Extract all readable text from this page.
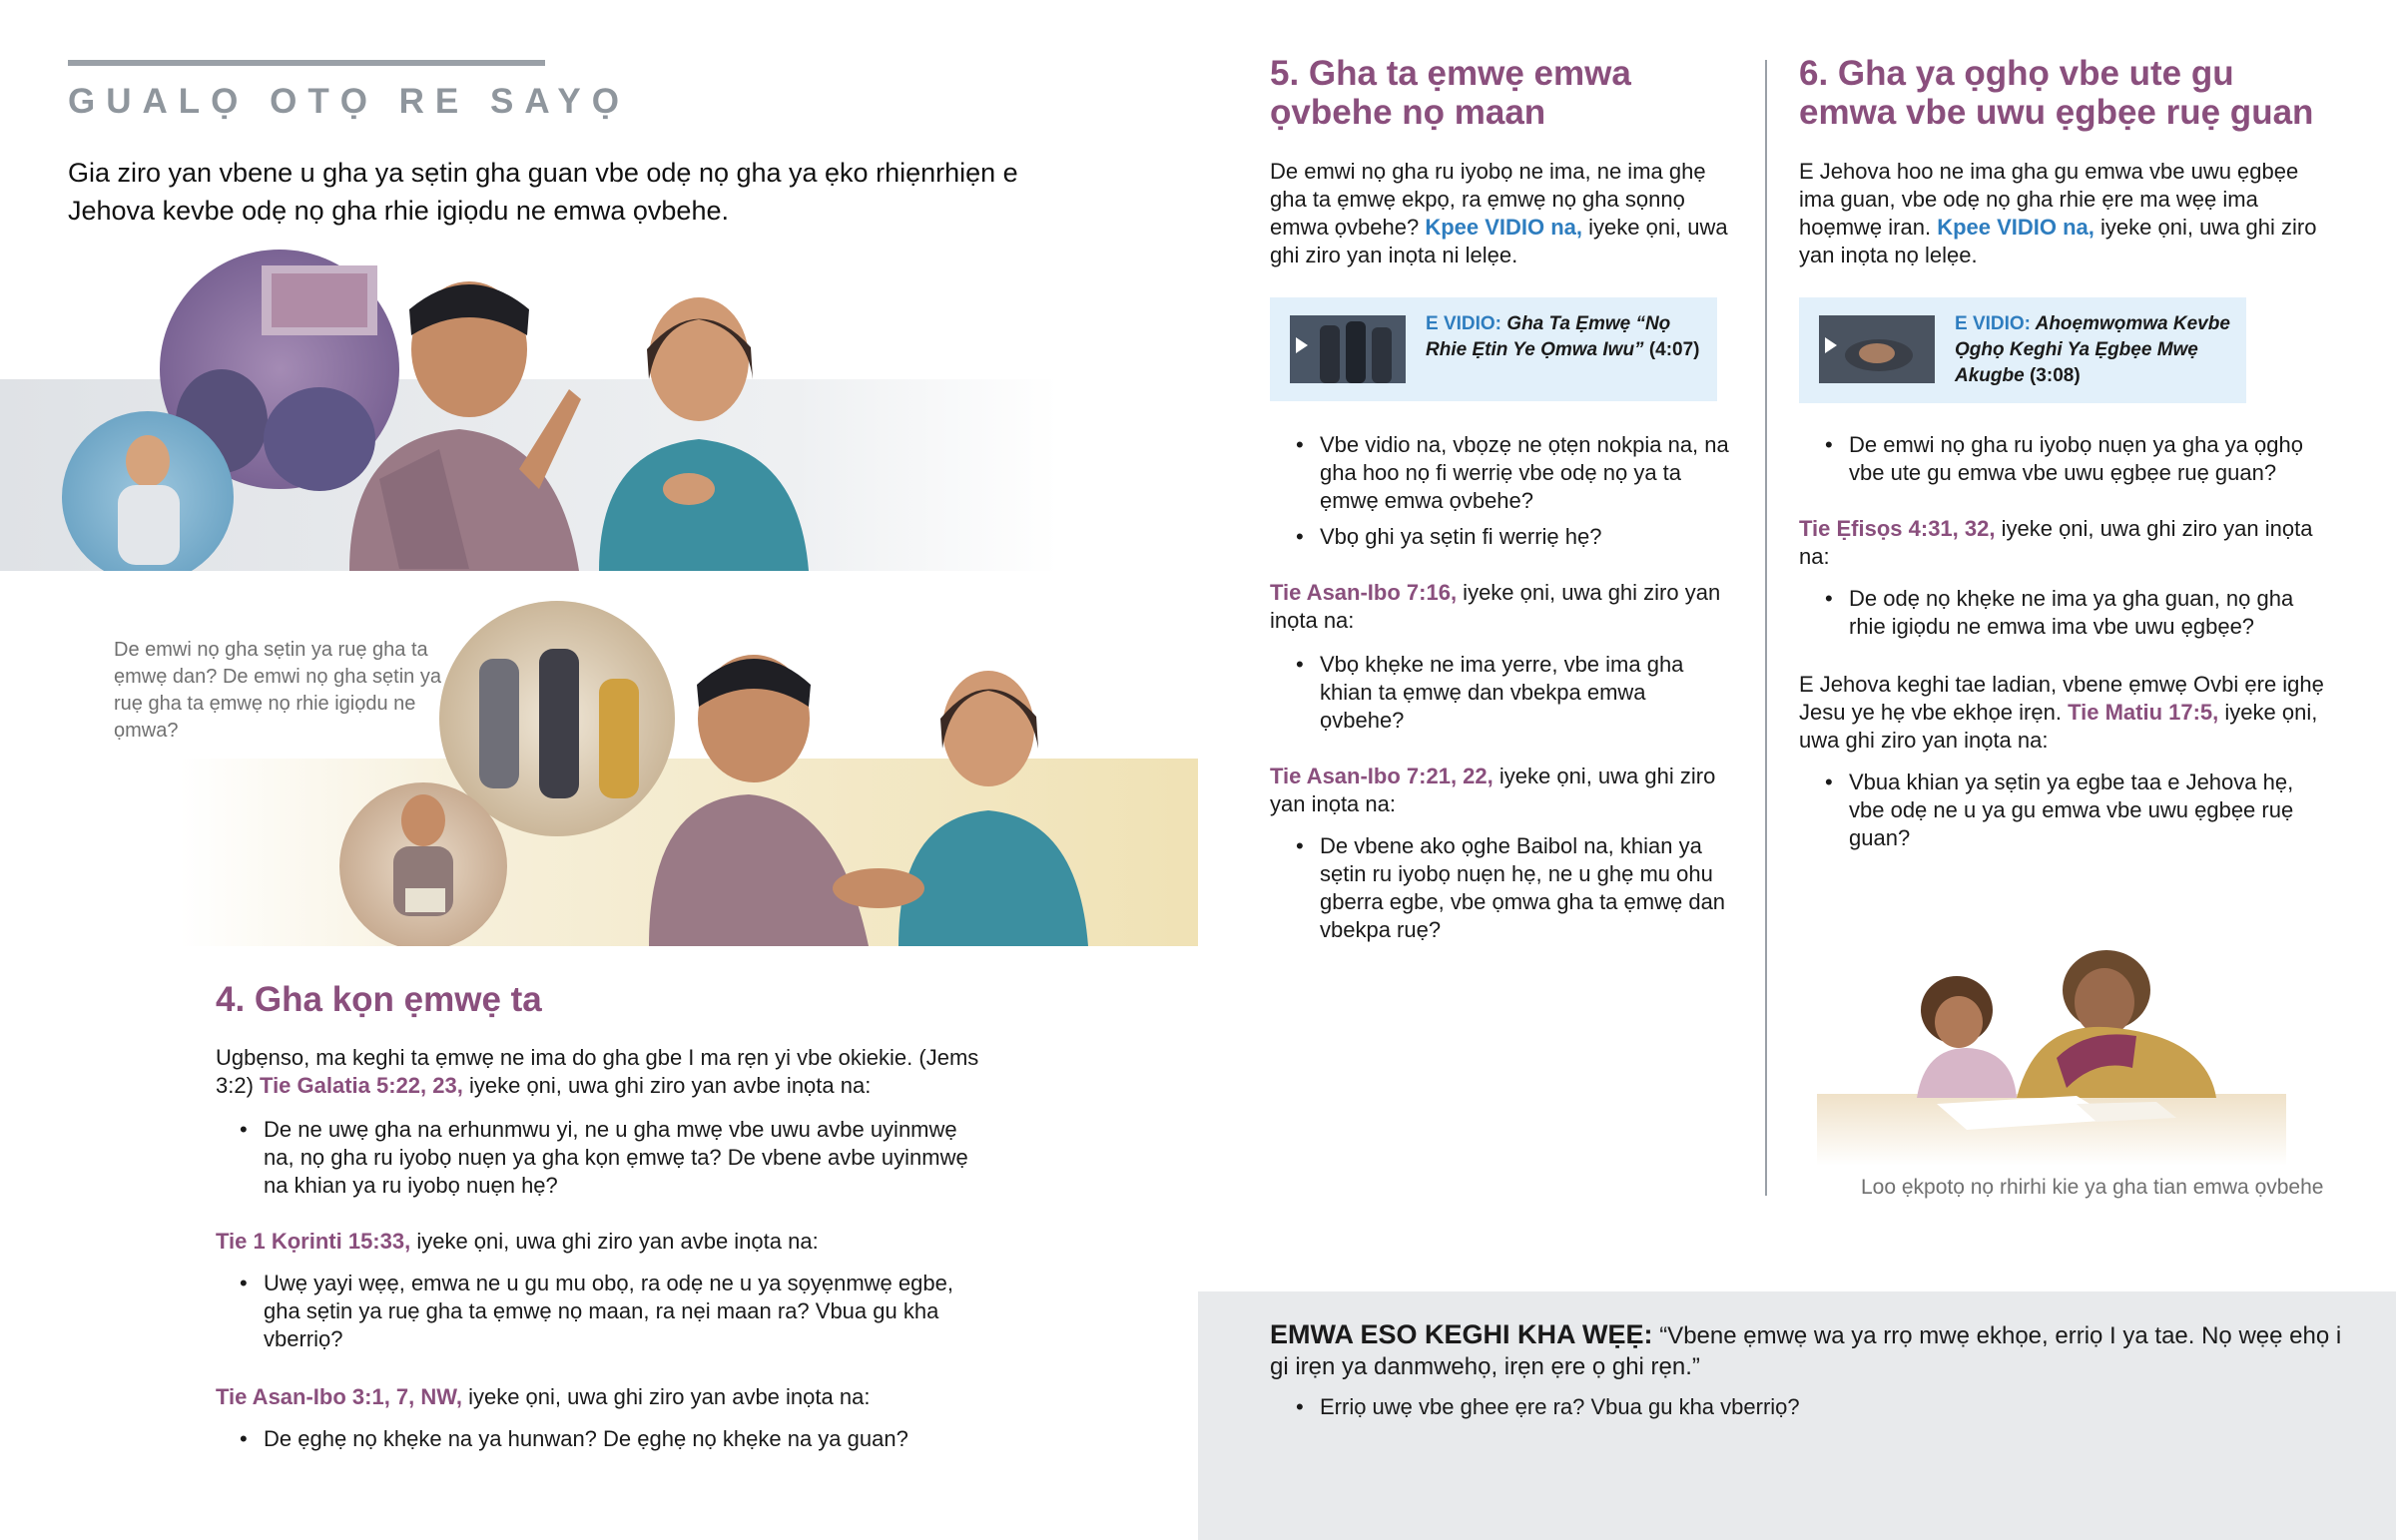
GUALỌ OTỌ RE SAYỌ
Gia ziro yan vbene u gha ya sẹtin gha guan vbe odẹ nọ gha ya ẹko rhiẹnrhiẹn e Jehova kevbe odẹ nọ gha rhie igiọdu ne emwa ọvbehe.
De emwi nọ gha sẹtin ya ruẹ gha ta ẹmwẹ dan? De emwi nọ gha sẹtin ya ruẹ gha ta ẹmwẹ nọ rhie igiọdu ne ọmwa?
4. Gha kọn ẹmwẹ ta
Ugbẹnso, ma keghi ta ẹmwẹ ne ima do gha gbe I ma rẹn yi vbe okiekie. (Jems 3:2) Tie Galatia 5:22, 23, iyeke ọni, uwa ghi ziro yan avbe inọta na:
• De ne uwẹ gha na erhunmwu yi, ne u gha mwẹ vbe uwu avbe uyinmwẹ na, nọ gha ru iyobọ nuẹn ya gha kọn ẹmwẹ ta? De vbene avbe uyinmwẹ na khian ya ru iyobọ nuẹn hẹ?
Tie 1 Kọrinti 15:33, iyeke ọni, uwa ghi ziro yan avbe inọta na:
• Uwẹ yayi wẹẹ, emwa ne u gu mu obọ, ra odẹ ne u ya sọyẹnmwẹ egbe, gha sẹtin ya ruẹ gha ta ẹmwẹ nọ maan, ra nẹi maan ra? Vbua gu kha vberriọ?
Tie Asan-Ibo 3:1, 7, NW, iyeke ọni, uwa ghi ziro yan avbe inọta na:
• De ẹghẹ nọ khẹke na ya hunwan? De ẹghẹ nọ khẹke na ya guan?
5. Gha ta ẹmwẹ emwa ọvbehe nọ maan
De emwi nọ gha ru iyobọ ne ima, ne ima ghẹ gha ta ẹmwẹ ekpọ, ra ẹmwẹ nọ gha sọnnọ emwa ọvbehe? Kpee VIDIO na, iyeke ọni, uwa ghi ziro yan inọta ni lelẹe.
E VIDIO: Gha Ta Ẹmwẹ “Nọ Rhie Ẹtin Ye Ọmwa Iwu” (4:07)
• Vbe vidio na, vbọzẹ ne ọtẹn nokpia na, na gha hoo nọ fi werriẹ vbe odẹ nọ ya ta ẹmwẹ emwa ọvbehe?
• Vbọ ghi ya sẹtin fi werriẹ hẹ?
Tie Asan-Ibo 7:16, iyeke ọni, uwa ghi ziro yan inọta na:
• Vbọ khẹke ne ima yerre, vbe ima gha khian ta ẹmwẹ dan vbekpa emwa ọvbehe?
Tie Asan-Ibo 7:21, 22, iyeke ọni, uwa ghi ziro yan inọta na:
• De vbene ako ọghe Baibol na, khian ya sẹtin ru iyobọ nuẹn hẹ, ne u ghẹ mu ohu gberra egbe, vbe ọmwa gha ta ẹmwẹ dan vbekpa ruẹ?
6. Gha ya ọghọ vbe ute gu emwa vbe uwu ẹgbẹe ruẹ guan
E Jehova hoo ne ima gha gu emwa vbe uwu ẹgbẹe ima guan, vbe odẹ nọ gha rhie ẹre ma wẹẹ ima hoẹmwẹ iran. Kpee VIDIO na, iyeke ọni, uwa ghi ziro yan inọta nọ lelẹe.
E VIDIO: Ahoẹmwọmwa Kevbe Ọghọ Keghi Ya Ẹgbẹe Mwẹ Akugbe (3:08)
• De emwi nọ gha ru iyobọ nuẹn ya gha ya ọghọ vbe ute gu emwa vbe uwu ẹgbẹe ruẹ guan?
Tie Ẹfisọs 4:31, 32, iyeke ọni, uwa ghi ziro yan inọta na:
• De odẹ nọ khẹke ne ima ya gha guan, nọ gha rhie igiọdu ne emwa ima vbe uwu ẹgbẹe?
E Jehova keghi tae ladian, vbene ẹmwẹ Ovbi ẹre ighẹ Jesu ye hẹ vbe ekhọe irẹn. Tie Matiu 17:5, iyeke ọni, uwa ghi ziro yan inọta na:
• Vbua khian ya sẹtin ya egbe taa e Jehova hẹ, vbe odẹ ne u ya gu emwa vbe uwu ẹgbẹe ruẹ guan?
Loo ẹkpotọ nọ rhirhi kie ya gha tian emwa ọvbehe
EMWA ESO KEGHI KHA WẸẸ: “Vbene ẹmwẹ wa ya rrọ mwẹ ekhọe, erriọ I ya tae. Nọ wẹẹ ehọ i gi irẹn ya danmwehọ, irẹn ẹre ọ ghi rẹn.”
• Erriọ uwẹ vbe ghee ẹre ra? Vbua gu kha vberriọ?
